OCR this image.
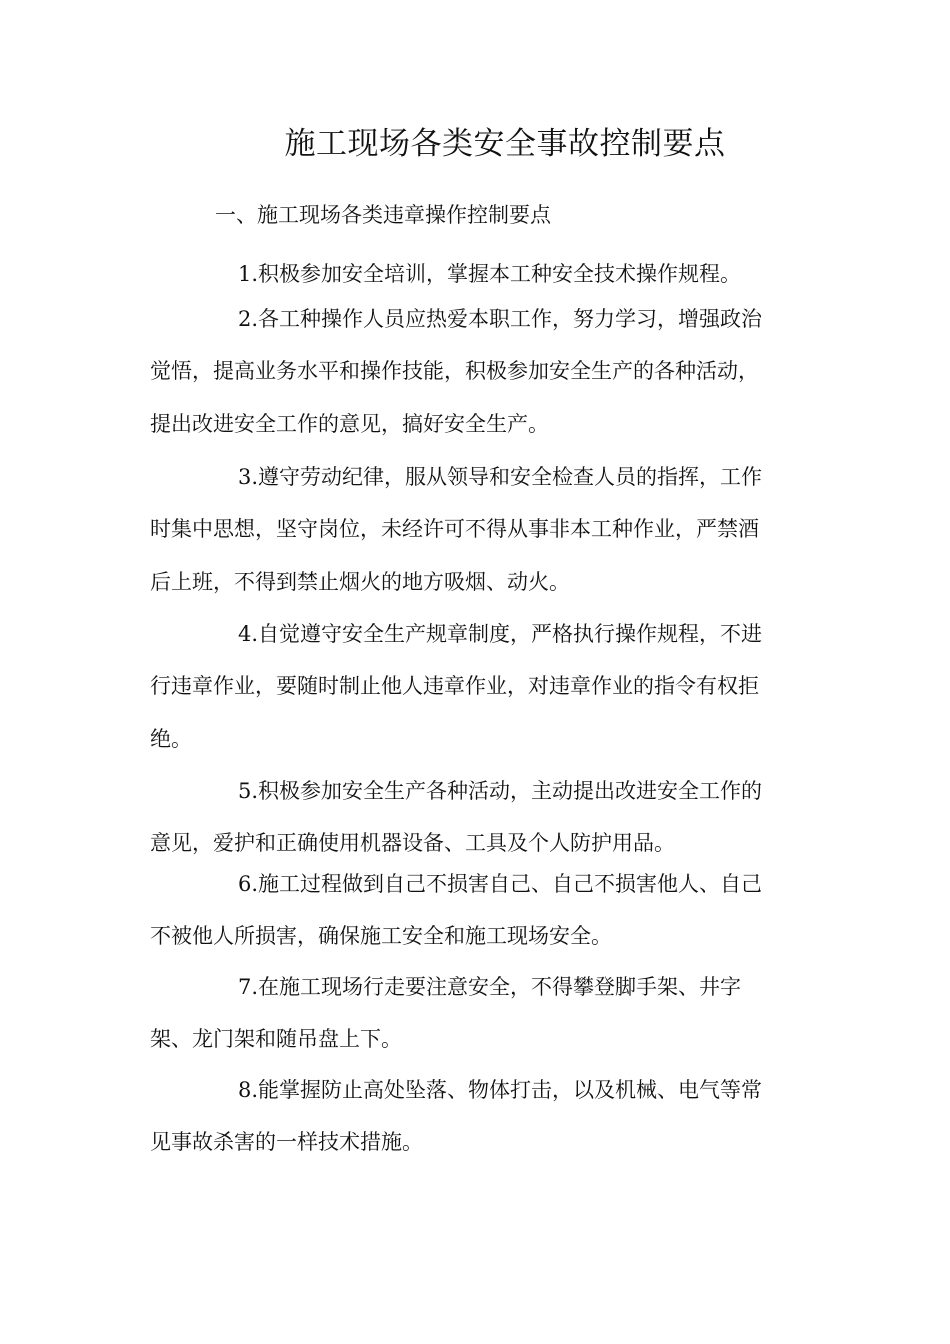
施工现场各类安全事故控制要点
一、施工现场各类违章操作控制要点
1.积极参加安全培训，掌握本工种安全技术操作规程。
2.各工种操作人员应热爱本职工作，努力学习，增强政治
觉悟，提高业务水平和操作技能，积极参加安全生产的各种活动，
提出改进安全工作的意见，搞好安全生产。
3.遵守劳动纪律，服从领导和安全检查人员的指挥，工作
时集中思想，坚守岗位，未经许可不得从事非本工种作业，严禁酒
后上班，不得到禁止烟火的地方吸烟、动火。
4.自觉遵守安全生产规章制度，严格执行操作规程，不进
行违章作业，要随时制止他人违章作业，对违章作业的指令有权拒
绝。
5.积极参加安全生产各种活动，主动提出改进安全工作的
意见，爱护和正确使用机器设备、工具及个人防护用品。
6.施工过程做到自己不损害自己、自己不损害他人、自己
不被他人所损害，确保施工安全和施工现场安全。
7.在施工现场行走要注意安全，不得攀登脚手架、井字
架、龙门架和随吊盘上下。
8.能掌握防止高处坠落、物体打击，以及机械、电气等常
见事故杀害的一样技术措施。
